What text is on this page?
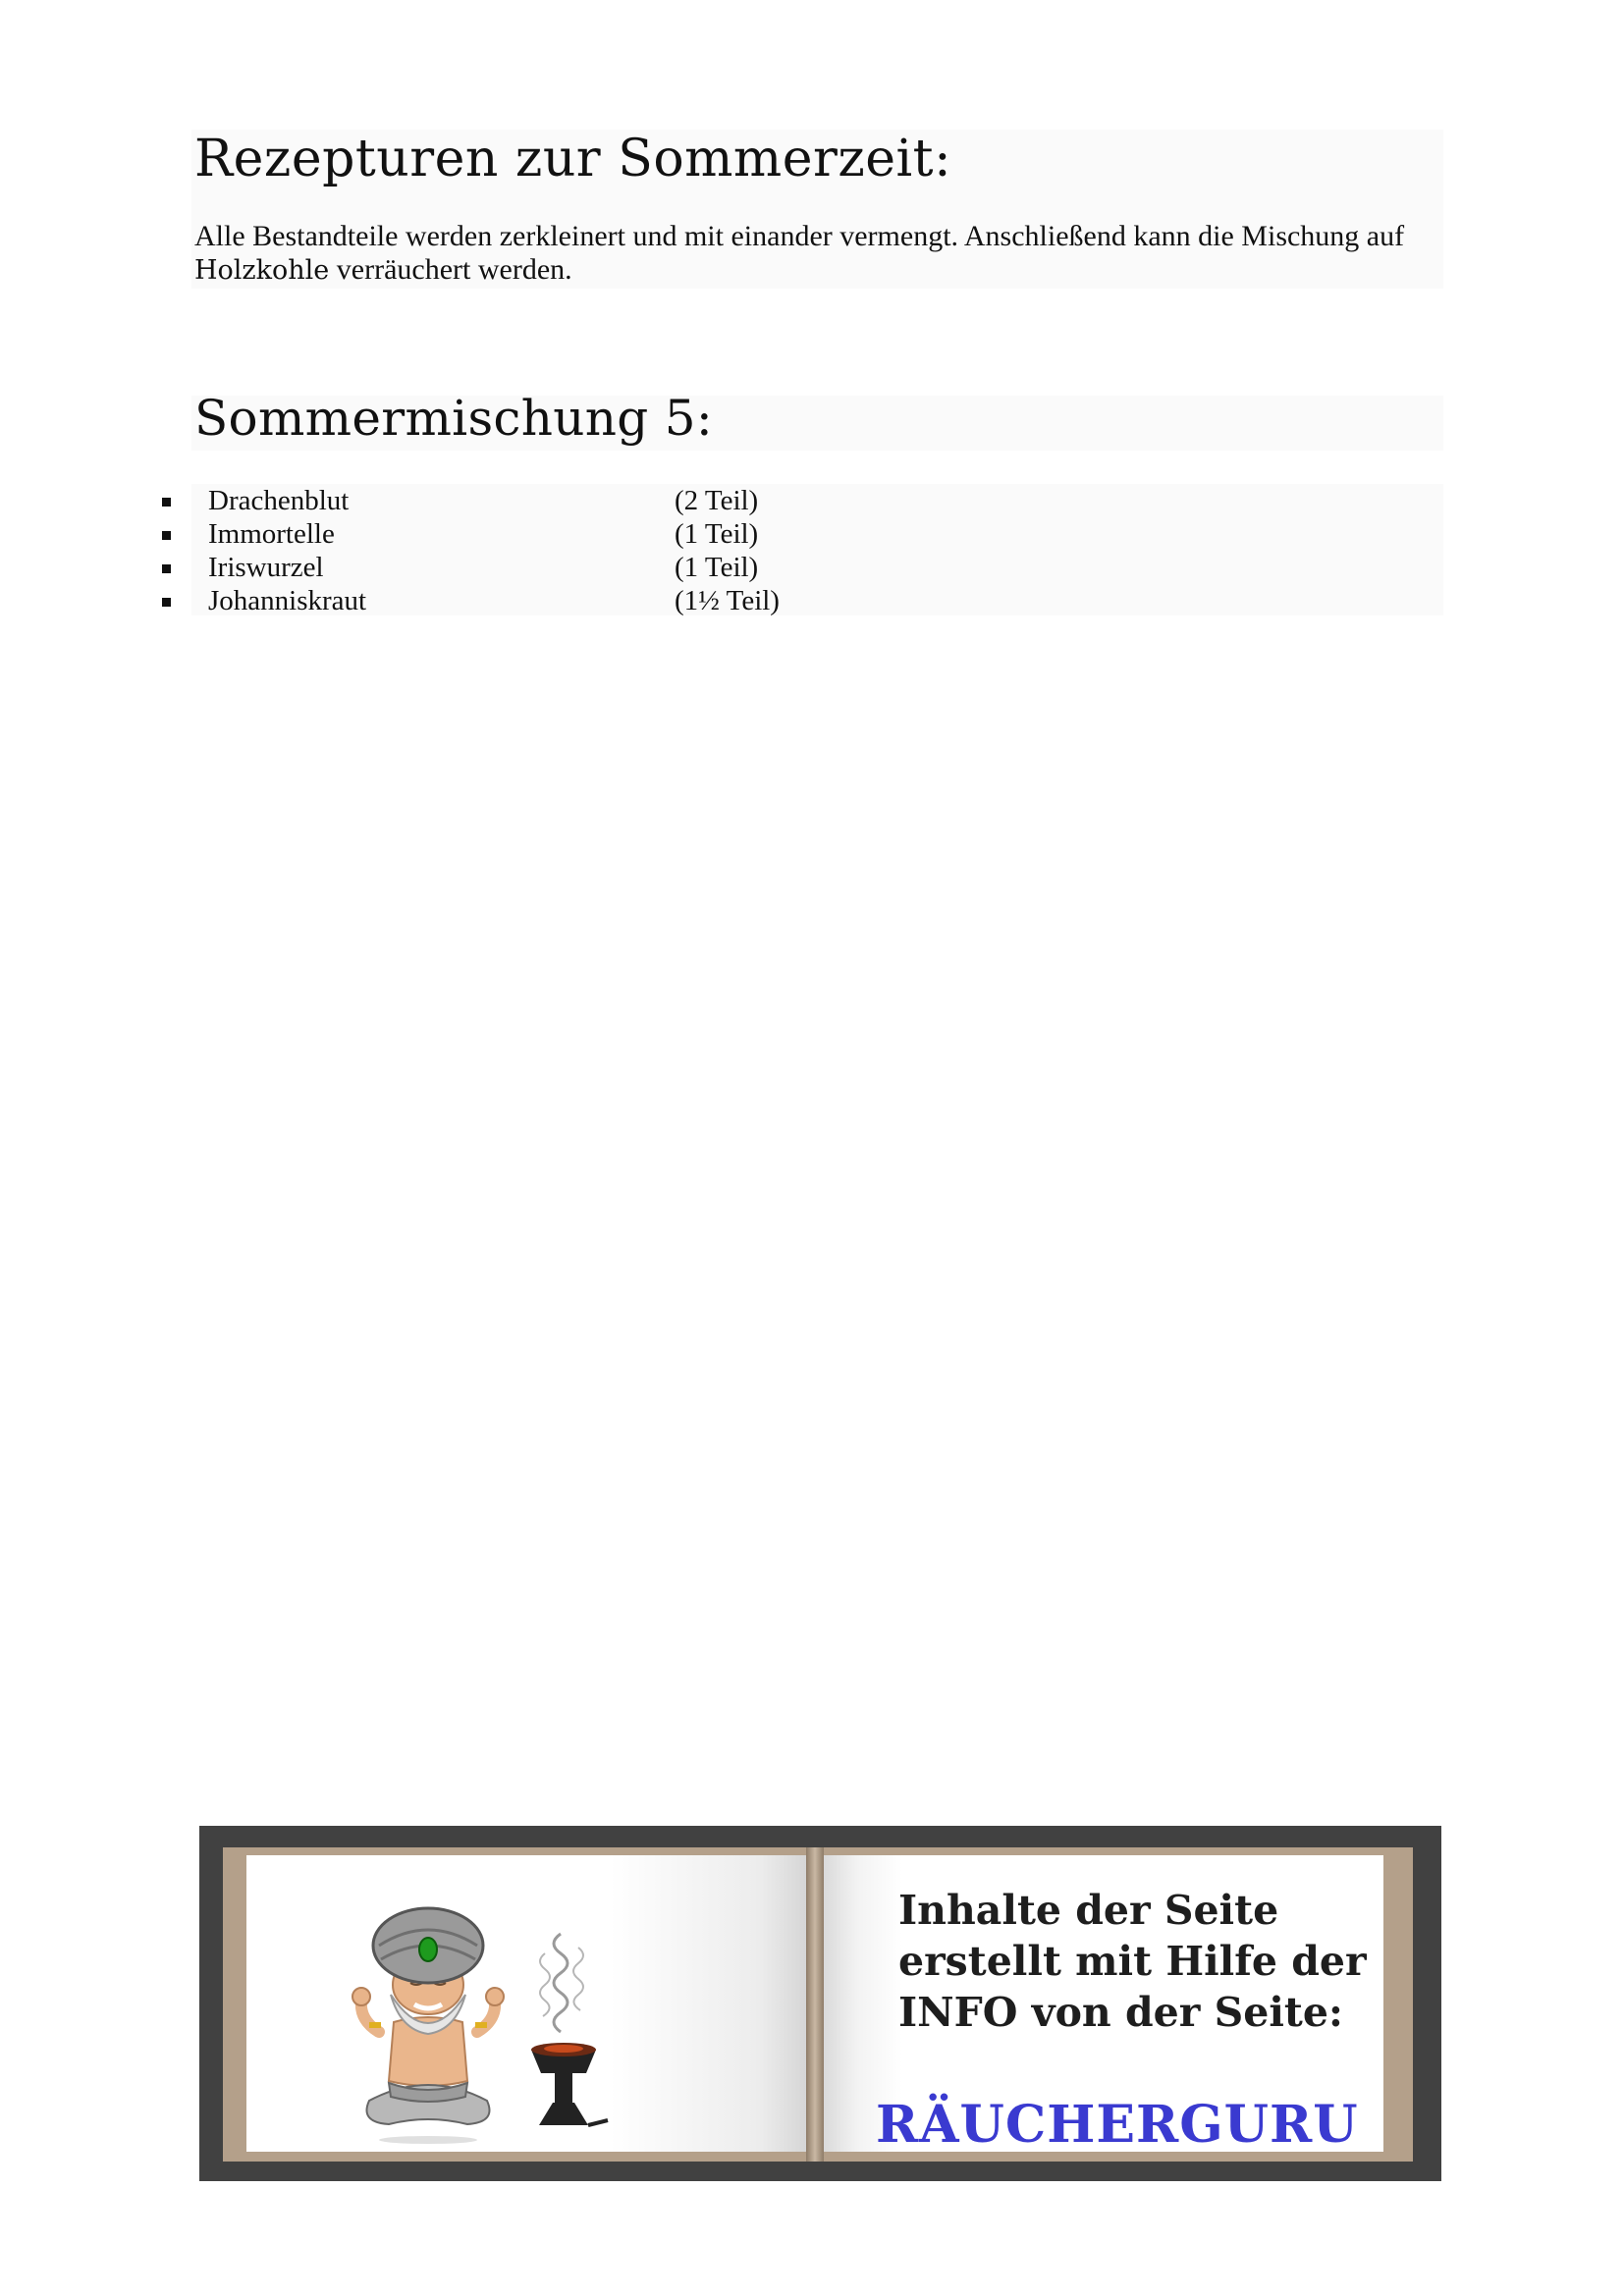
Rezepturen zur Sommerzeit:

Alle Bestandteile werden zerkleinert und mit einander vermengt. Anschließend kann die Mischung auf Holzkohle verräuchert werden.

Sommermischung 5:
Drachenblut	(2 Teil)
Immortelle	(1 Teil)
Iriswurzel	(1 Teil)
Johanniskraut	(1½ Teil)
Inhalte der Seite
erstellt mit Hilfe der
INFO von der Seite:
RÄUCHERGURU
